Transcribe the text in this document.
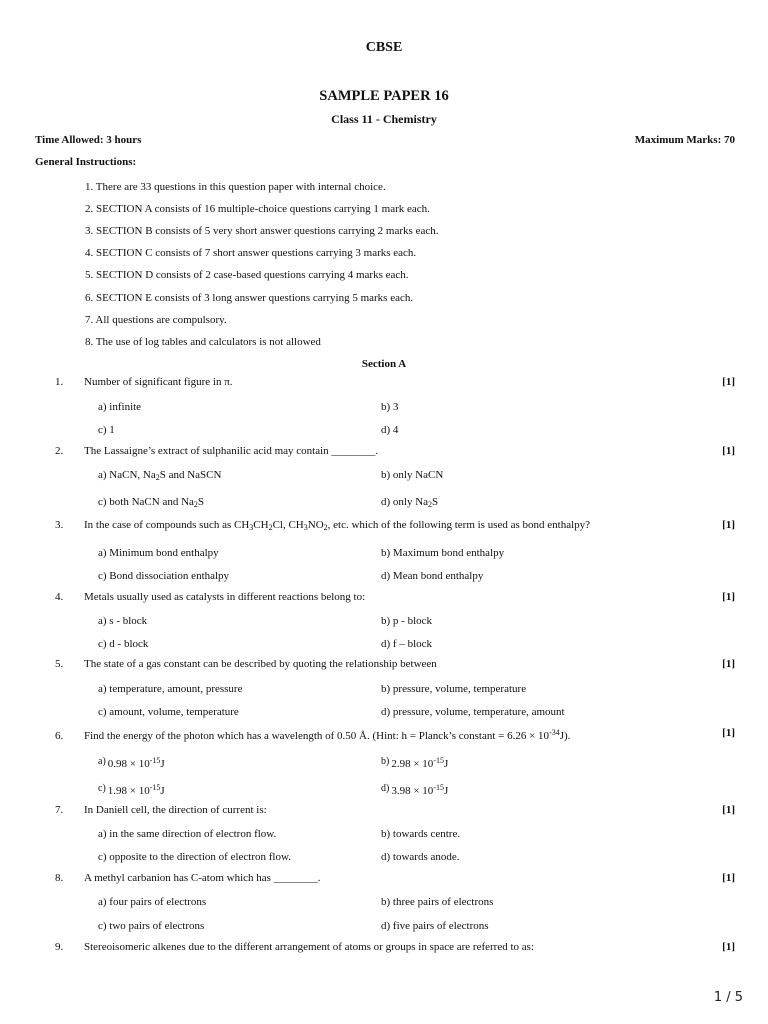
CBSE
SAMPLE PAPER 16
Class 11 - Chemistry
Time Allowed: 3 hours	Maximum Marks: 70
General Instructions:
1. There are 33 questions in this question paper with internal choice.
2. SECTION A consists of 16 multiple-choice questions carrying 1 mark each.
3. SECTION B consists of 5 very short answer questions carrying 2 marks each.
4. SECTION C consists of 7 short answer questions carrying 3 marks each.
5. SECTION D consists of 2 case-based questions carrying 4 marks each.
6. SECTION E consists of 3 long answer questions carrying 5 marks each.
7. All questions are compulsory.
8. The use of log tables and calculators is not allowed
Section A
1.	Number of significant figure in π.	[1]
a) infinite	b) 3
c) 1	d) 4
2.	The Lassaigne’s extract of sulphanilic acid may contain ________.	[1]
a) NaCN, $Na_2S$ and NaSCN	b) only NaCN
c) both NaCN and $Na_2S$	d) only $Na_2S$
3.	In the case of compounds such as $CH_3CH_2Cl$, $CH_3NO_2$, etc. which of the following term is used as bond enthalpy?	[1]
a) Minimum bond enthalpy	b) Maximum bond enthalpy
c) Bond dissociation enthalpy	d) Mean bond enthalpy
4.	Metals usually used as catalysts in different reactions belong to:	[1]
a) s - block	b) p - block
c) d - block	d) f – block
5.	The state of a gas constant can be described by quoting the relationship between	[1]
a) temperature, amount, pressure	b) pressure, volume, temperature
c) amount, volume, temperature	d) pressure, volume, temperature, amount
6.	Find the energy of the photon which has a wavelength of 0.50 Å. (Hint: h = Planck’s constant = $6.26 \times 10^{-34}J$).	[1]
a) $0.98 \times 10^{-15}J$	b) $2.98 \times 10^{-15}J$
c) $1.98 \times 10^{-15}J$	d) $3.98 \times 10^{-15}J$
7.	In Daniell cell, the direction of current is:	[1]
a) in the same direction of electron flow.	b) towards centre.
c) opposite to the direction of electron flow.	d) towards anode.
8.	A methyl carbanion has C-atom which has ________.	[1]
a) four pairs of electrons	b) three pairs of electrons
c) two pairs of electrons	d) five pairs of electrons
9.	Stereoisomeric alkenes due to the different arrangement of atoms or groups in space are referred to as:	[1]
1 / 5
